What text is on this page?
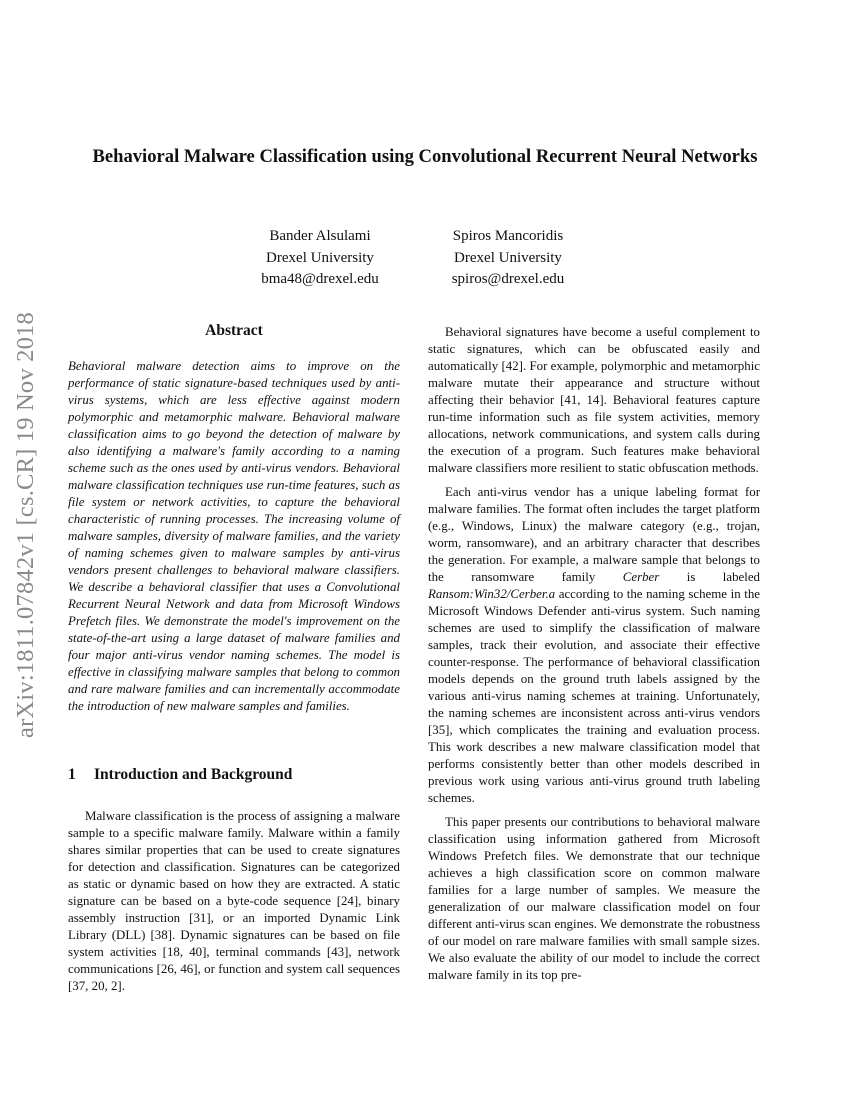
arXiv:1811.07842v1 [cs.CR] 19 Nov 2018
Behavioral Malware Classification using Convolutional Recurrent Neural Networks
Bander Alsulami
Drexel University
bma48@drexel.edu
Spiros Mancoridis
Drexel University
spiros@drexel.edu
Abstract
Behavioral malware detection aims to improve on the performance of static signature-based techniques used by anti-virus systems, which are less effective against modern polymorphic and metamorphic malware. Behavioral malware classification aims to go beyond the detection of malware by also identifying a malware's family according to a naming scheme such as the ones used by anti-virus vendors. Behavioral malware classification techniques use run-time features, such as file system or network activities, to capture the behavioral characteristic of running processes. The increasing volume of malware samples, diversity of malware families, and the variety of naming schemes given to malware samples by anti-virus vendors present challenges to behavioral malware classifiers. We describe a behavioral classifier that uses a Convolutional Recurrent Neural Network and data from Microsoft Windows Prefetch files. We demonstrate the model's improvement on the state-of-the-art using a large dataset of malware families and four major anti-virus vendor naming schemes. The model is effective in classifying malware samples that belong to common and rare malware families and can incrementally accommodate the introduction of new malware samples and families.
1 Introduction and Background

Malware classification is the process of assigning a malware sample to a specific malware family. Malware within a family shares similar properties that can be used to create signatures for detection and classification. Signatures can be categorized as static or dynamic based on how they are extracted. A static signature can be based on a byte-code sequence [24], binary assembly instruction [31], or an imported Dynamic Link Library (DLL) [38]. Dynamic signatures can be based on file system activities [18, 40], terminal commands [43], network communications [26, 46], or function and system call sequences [37, 20, 2].

Behavioral signatures have become a useful complement to static signatures, which can be obfuscated easily and automatically [42]. For example, polymorphic and metamorphic malware mutate their appearance and structure without affecting their behavior [41, 14]. Behavioral features capture run-time information such as file system activities, memory allocations, network communications, and system calls during the execution of a program. Such features make behavioral malware classifiers more resilient to static obfuscation methods.

Each anti-virus vendor has a unique labeling format for malware families. The format often includes the target platform (e.g., Windows, Linux) the malware category (e.g., trojan, worm, ransomware), and an arbitrary character that describes the generation. For example, a malware sample that belongs to the ransomware family Cerber is labeled Ransom:Win32/Cerber.a according to the naming scheme in the Microsoft Windows Defender anti-virus system. Such naming schemes are used to simplify the classification of malware samples, track their evolution, and associate their effective counter-response. The performance of behavioral classification models depends on the ground truth labels assigned by the various anti-virus naming schemes at training. Unfortunately, the naming schemes are inconsistent across anti-virus vendors [35], which complicates the training and evaluation process. This work describes a new malware classification model that performs consistently better than other models described in previous work using various anti-virus ground truth labeling schemes.

This paper presents our contributions to behavioral malware classification using information gathered from Microsoft Windows Prefetch files. We demonstrate that our technique achieves a high classification score on common malware families for a large number of samples. We measure the generalization of our malware classification model on four different anti-virus scan engines. We demonstrate the robustness of our model on rare malware families with small sample sizes. We also evaluate the ability of our model to include the correct malware family in its top pre-
